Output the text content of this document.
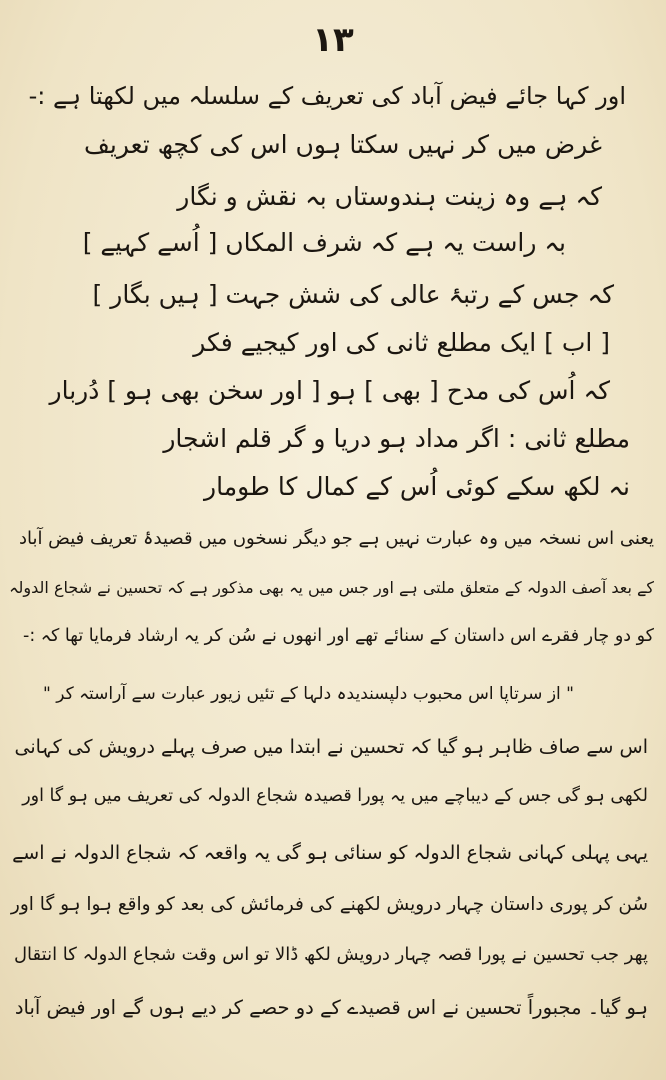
۱۳
اور کہا جائے فیض آباد کی تعریف کے سلسلہ میں لکھتا ہے :-
غرض میں کر نہیں سکتا ہوں اس کی کچھ تعریف
کہ ہے وہ زینت ہندوستاں بہ نقش و نگار
بہ راست یہ ہے کہ شرف المکاں [ اُسے کہیے ]
کہ جس کے رتبۂ عالی کی شش جہت [ ہیں بگار ]
[ اب ] ایک مطلع ثانی کی اور کیجیے فکر
کہ اُس کی مدح [ بھی ] ہو [ اور سخن بھی ہو ] دُربار
مطلع ثانی : اگر مداد ہو دریا و گر قلم اشجار
نہ لکھ سکے کوئی اُس کے کمال کا طومار
یعنی اس نسخہ میں وہ عبارت نہیں ہے جو دیگر نسخوں میں قصیدۂ تعریف فیض آباد
کے بعد آصف الدولہ کے متعلق ملتی ہے اور جس میں یہ بھی مذکور ہے کہ تحسین نے شجاع الدولہ
کو دو چار فقرے اس داستان کے سنائے تھے اور انھوں نے سُن کر یہ ارشاد فرمایا تھا کہ :-
" از سرتاپا اس محبوب دلپسندیدہ دلہا کے تئیں زیور عبارت سے آراستہ کر "
اس سے صاف ظاہر ہو گیا کہ تحسین نے ابتدا میں صرف پہلے درویش کی کہانی
لکھی ہو گی جس کے دیباچے میں یہ پورا قصیدہ شجاع الدولہ کی تعریف میں ہو گا اور
یہی پہلی کہانی شجاع الدولہ کو سنائی ہو گی یہ واقعہ کہ شجاع الدولہ نے اسے
سُن کر پوری داستان چہار درویش لکھنے کی فرمائش کی بعد کو واقع ہوا ہو گا اور
پھر جب تحسین نے پورا قصہ چہار درویش لکھ ڈالا تو اس وقت شجاع الدولہ کا انتقال
ہو گیا۔ مجبوراً تحسین نے اس قصیدے کے دو حصے کر دیے ہوں گے اور فیض آباد
